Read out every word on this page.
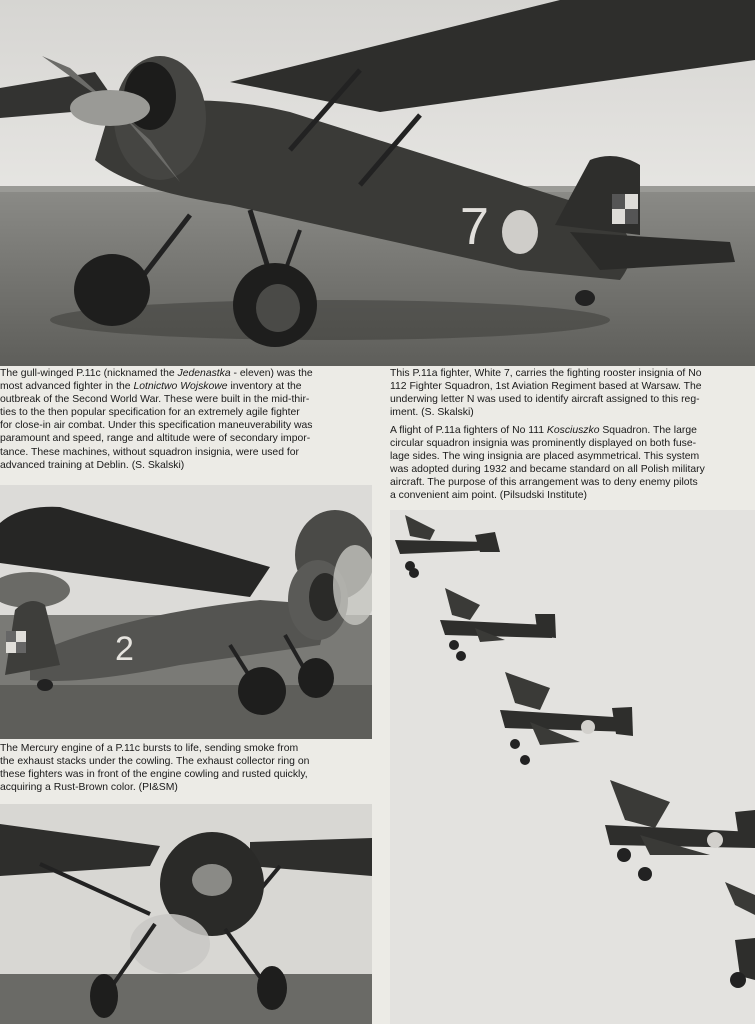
7

The gull-winged P.11c (nicknamed the Jedenastka - eleven) was the
most advanced fighter in the Lotnictwo Wojskowe inventory at the
outbreak of the Second World War. These were built in the mid-thir-
ties to the then popular specification for an extremely agile fighter
for close-in air combat. Under this specification maneuverability was
paramount and speed, range and altitude were of secondary impor-
tance. These machines, without squadron insignia, were used for
advanced training at Deblin. (S. Skalski)

This P.11a fighter, White 7, carries the fighting rooster insignia of No
112 Fighter Squadron, 1st Aviation Regiment based at Warsaw. The
underwing letter N was used to identify aircraft assigned to this reg-
iment. (S. Skalski)

A flight of P.11a fighters of No 111 Kosciuszko Squadron. The large
circular squadron insignia was prominently displayed on both fuse-
lage sides. The wing insignia are placed asymmetrical. This system
was adopted during 1932 and became standard on all Polish military
aircraft. The purpose of this arrangement was to deny enemy pilots
a convenient aim point. (Pilsudski Institute)

2

The Mercury engine of a P.11c bursts to life, sending smoke from
the exhaust stacks under the cowling. The exhaust collector ring on
these fighters was in front of the engine cowling and rusted quickly,
acquiring a Rust-Brown color. (PI&SM)
